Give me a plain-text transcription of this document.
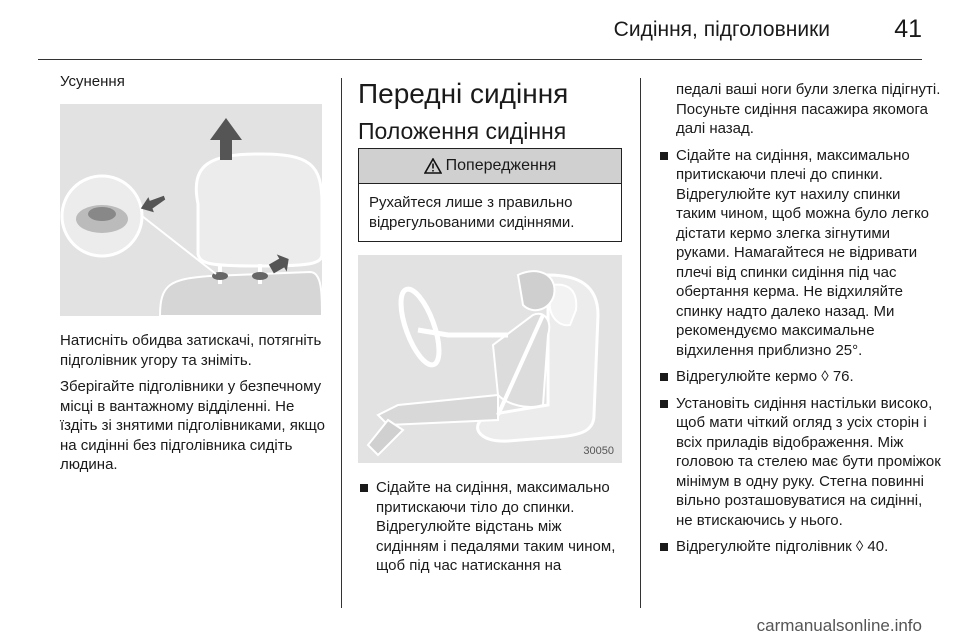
Сидіння, підголовники	41
Усунення

Натисніть обидва затискачі, потягніть підголівник угору та зніміть.

Зберігайте підголівники у безпечному місці в вантажному відділенні. Не їздіть зі знятими підголівниками, якщо на сидінні без підголівника сидіть людина.

Передні сидіння
Положення сидіння
Попередження
Рухайтеся лише з правильно відрегульованими сидіннями.
30050
Сідайте на сидіння, максимально притискаючи тіло до спинки. Відрегулюйте відстань між сидінням і педалями таким чином, щоб під час натискання на

педалі ваші ноги були злегка підігнуті. Посуньте сидіння пасажира якомога далі назад.

Сідайте на сидіння, максимально притискаючи плечі до спинки. Відрегулюйте кут нахилу спинки таким чином, щоб можна було легко дістати кермо злегка зігнутими руками. Намагайтеся не відривати плечі від спинки сидіння під час обертання керма. Не відхиляйте спинку надто далеко назад. Ми рекомендуємо максимальне відхилення приблизно 25°.
Відрегулюйте кермо ◊ 76.
Установіть сидіння настільки високо, щоб мати чіткий огляд з усіх сторін і всіх приладів відображення. Між головою та стелею має бути проміжок мінімум в одну руку. Стегна повинні вільно розташовуватися на сидінні, не втискаючись у нього.
Відрегулюйте підголівник ◊ 40.
carmanualsonline.info
